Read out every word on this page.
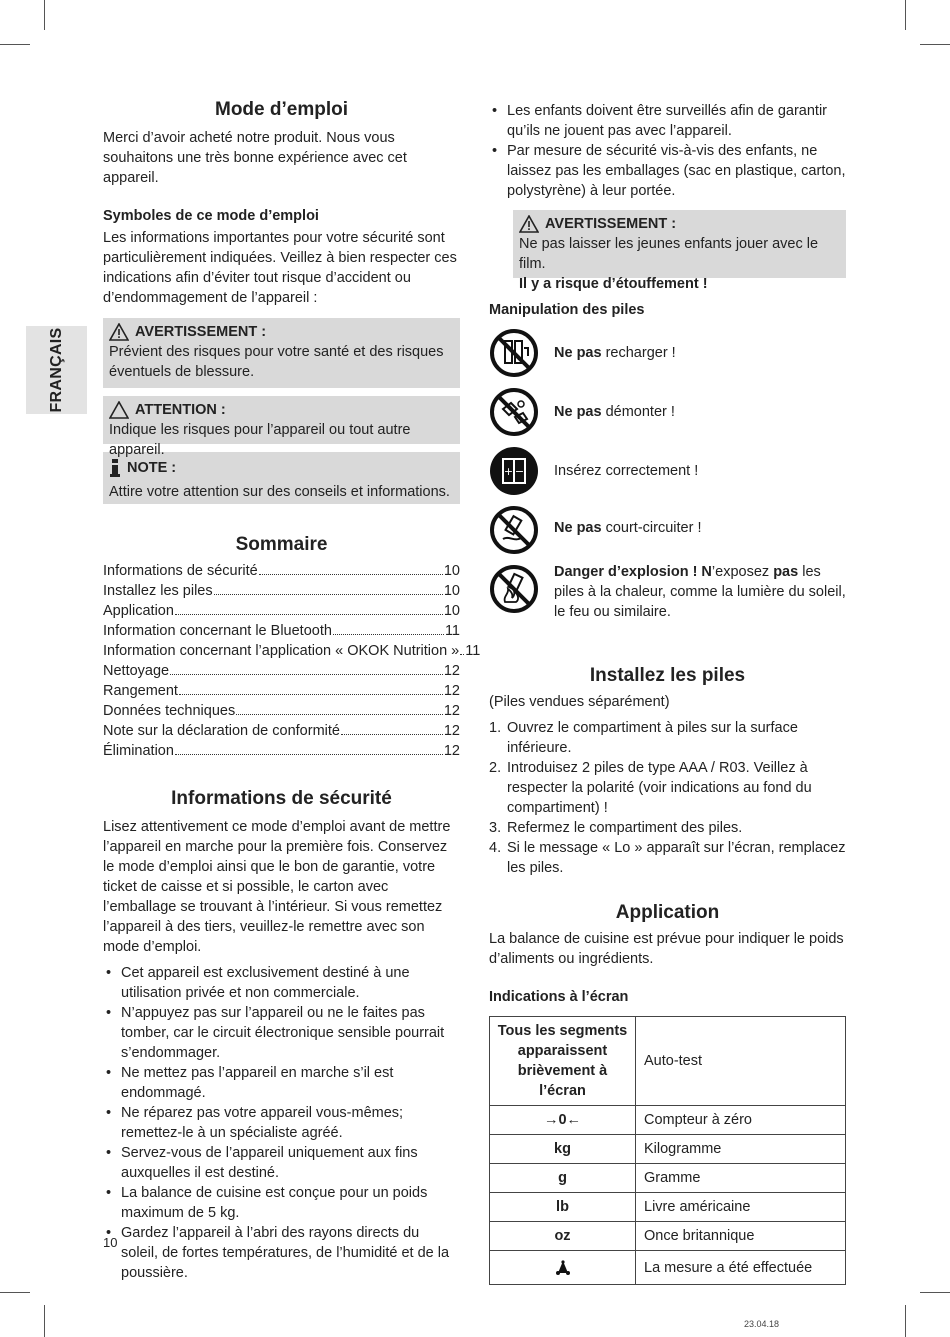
FRANÇAIS
Mode d’emploi

Merci d’avoir acheté notre produit. Nous vous souhaitons une très bonne expérience avec cet appareil.

Symboles de ce mode d’emploi

Les informations importantes pour votre sécurité sont particulièrement indiquées. Veillez à bien respecter ces indications afin d’éviter tout risque d’accident ou d’endommagement de l’appareil :

AVERTISSEMENT :

Prévient des risques pour votre santé et des risques éventuels de blessure.

ATTENTION :

Indique les risques pour l’appareil ou tout autre appareil.

NOTE :

Attire votre attention sur des conseils et informations.

Sommaire
Informations de sécurité	10
Installez les piles	10
Application	10
Information concernant le Bluetooth	11
Information concernant l’application « OKOK Nutrition » 11
Nettoyage	12
Rangement	12
Données techniques	12
Note sur la déclaration de conformité	12
Élimination	12
Informations de sécurité

Lisez attentivement ce mode d’emploi avant de mettre l’appareil en marche pour la première fois. Conservez le mode d’emploi ainsi que le bon de garantie, votre ticket de caisse et si possible, le carton avec l’emballage se trouvant à l’intérieur. Si vous remettez l’appareil à des tiers, veuillez-le remettre avec son mode d’emploi.

• Cet appareil est exclusivement destiné à une utilisation privée et non commerciale.
• N’appuyez pas sur l’appareil ou ne le faites pas tomber, car le circuit électronique sensible pourrait s’endommager.
• Ne mettez pas l’appareil en marche s’il est endommagé.
• Ne réparez pas votre appareil vous-mêmes; remettez-le à un spécialiste agréé.
• Servez-vous de l’appareil uniquement aux fins auxquelles il est destiné.
• La balance de cuisine est conçue pour un poids maximum de 5 kg.
• Gardez l’appareil à l’abri des rayons directs du soleil, de fortes températures, de l’humidité et de la poussière.
• Les enfants doivent être surveillés afin de garantir qu’ils ne jouent pas avec l’appareil.
• Par mesure de sécurité vis-à-vis des enfants, ne laissez pas les emballages (sac en plastique, carton, polystyrène) à leur portée.
AVERTISSEMENT :

Ne pas laisser les jeunes enfants jouer avec le film.

Il y a risque d’étouffement !

Manipulation des piles
Ne pas recharger !
Ne pas démonter !
+ − Insérez correctement !
Ne pas court-circuiter !
Danger d’explosion ! N’exposez pas les piles à la chaleur, comme la lumière du soleil, le feu ou similaire.
Installez les piles

(Piles vendues séparément)

1. Ouvrez le compartiment à piles sur la surface inférieure.
2. Introduisez 2 piles de type AAA / R03. Veillez à respecter la polarité (voir indications au fond du compartiment) !
3. Refermez le compartiment des piles.
4. Si le message « Lo » apparaît sur l’écran, remplacez les piles.
Application

La balance de cuisine est prévue pour indiquer le poids d’aliments ou ingrédients.

Indications à l’écran
Tous les segments apparaissent brièvement à l’écran	Auto-test
→0←	Compteur à zéro
kg	Kilogramme
g	Gramme
lb	Livre américaine
oz	Once britannique
	La mesure a été effectuée
10
23.04.18
